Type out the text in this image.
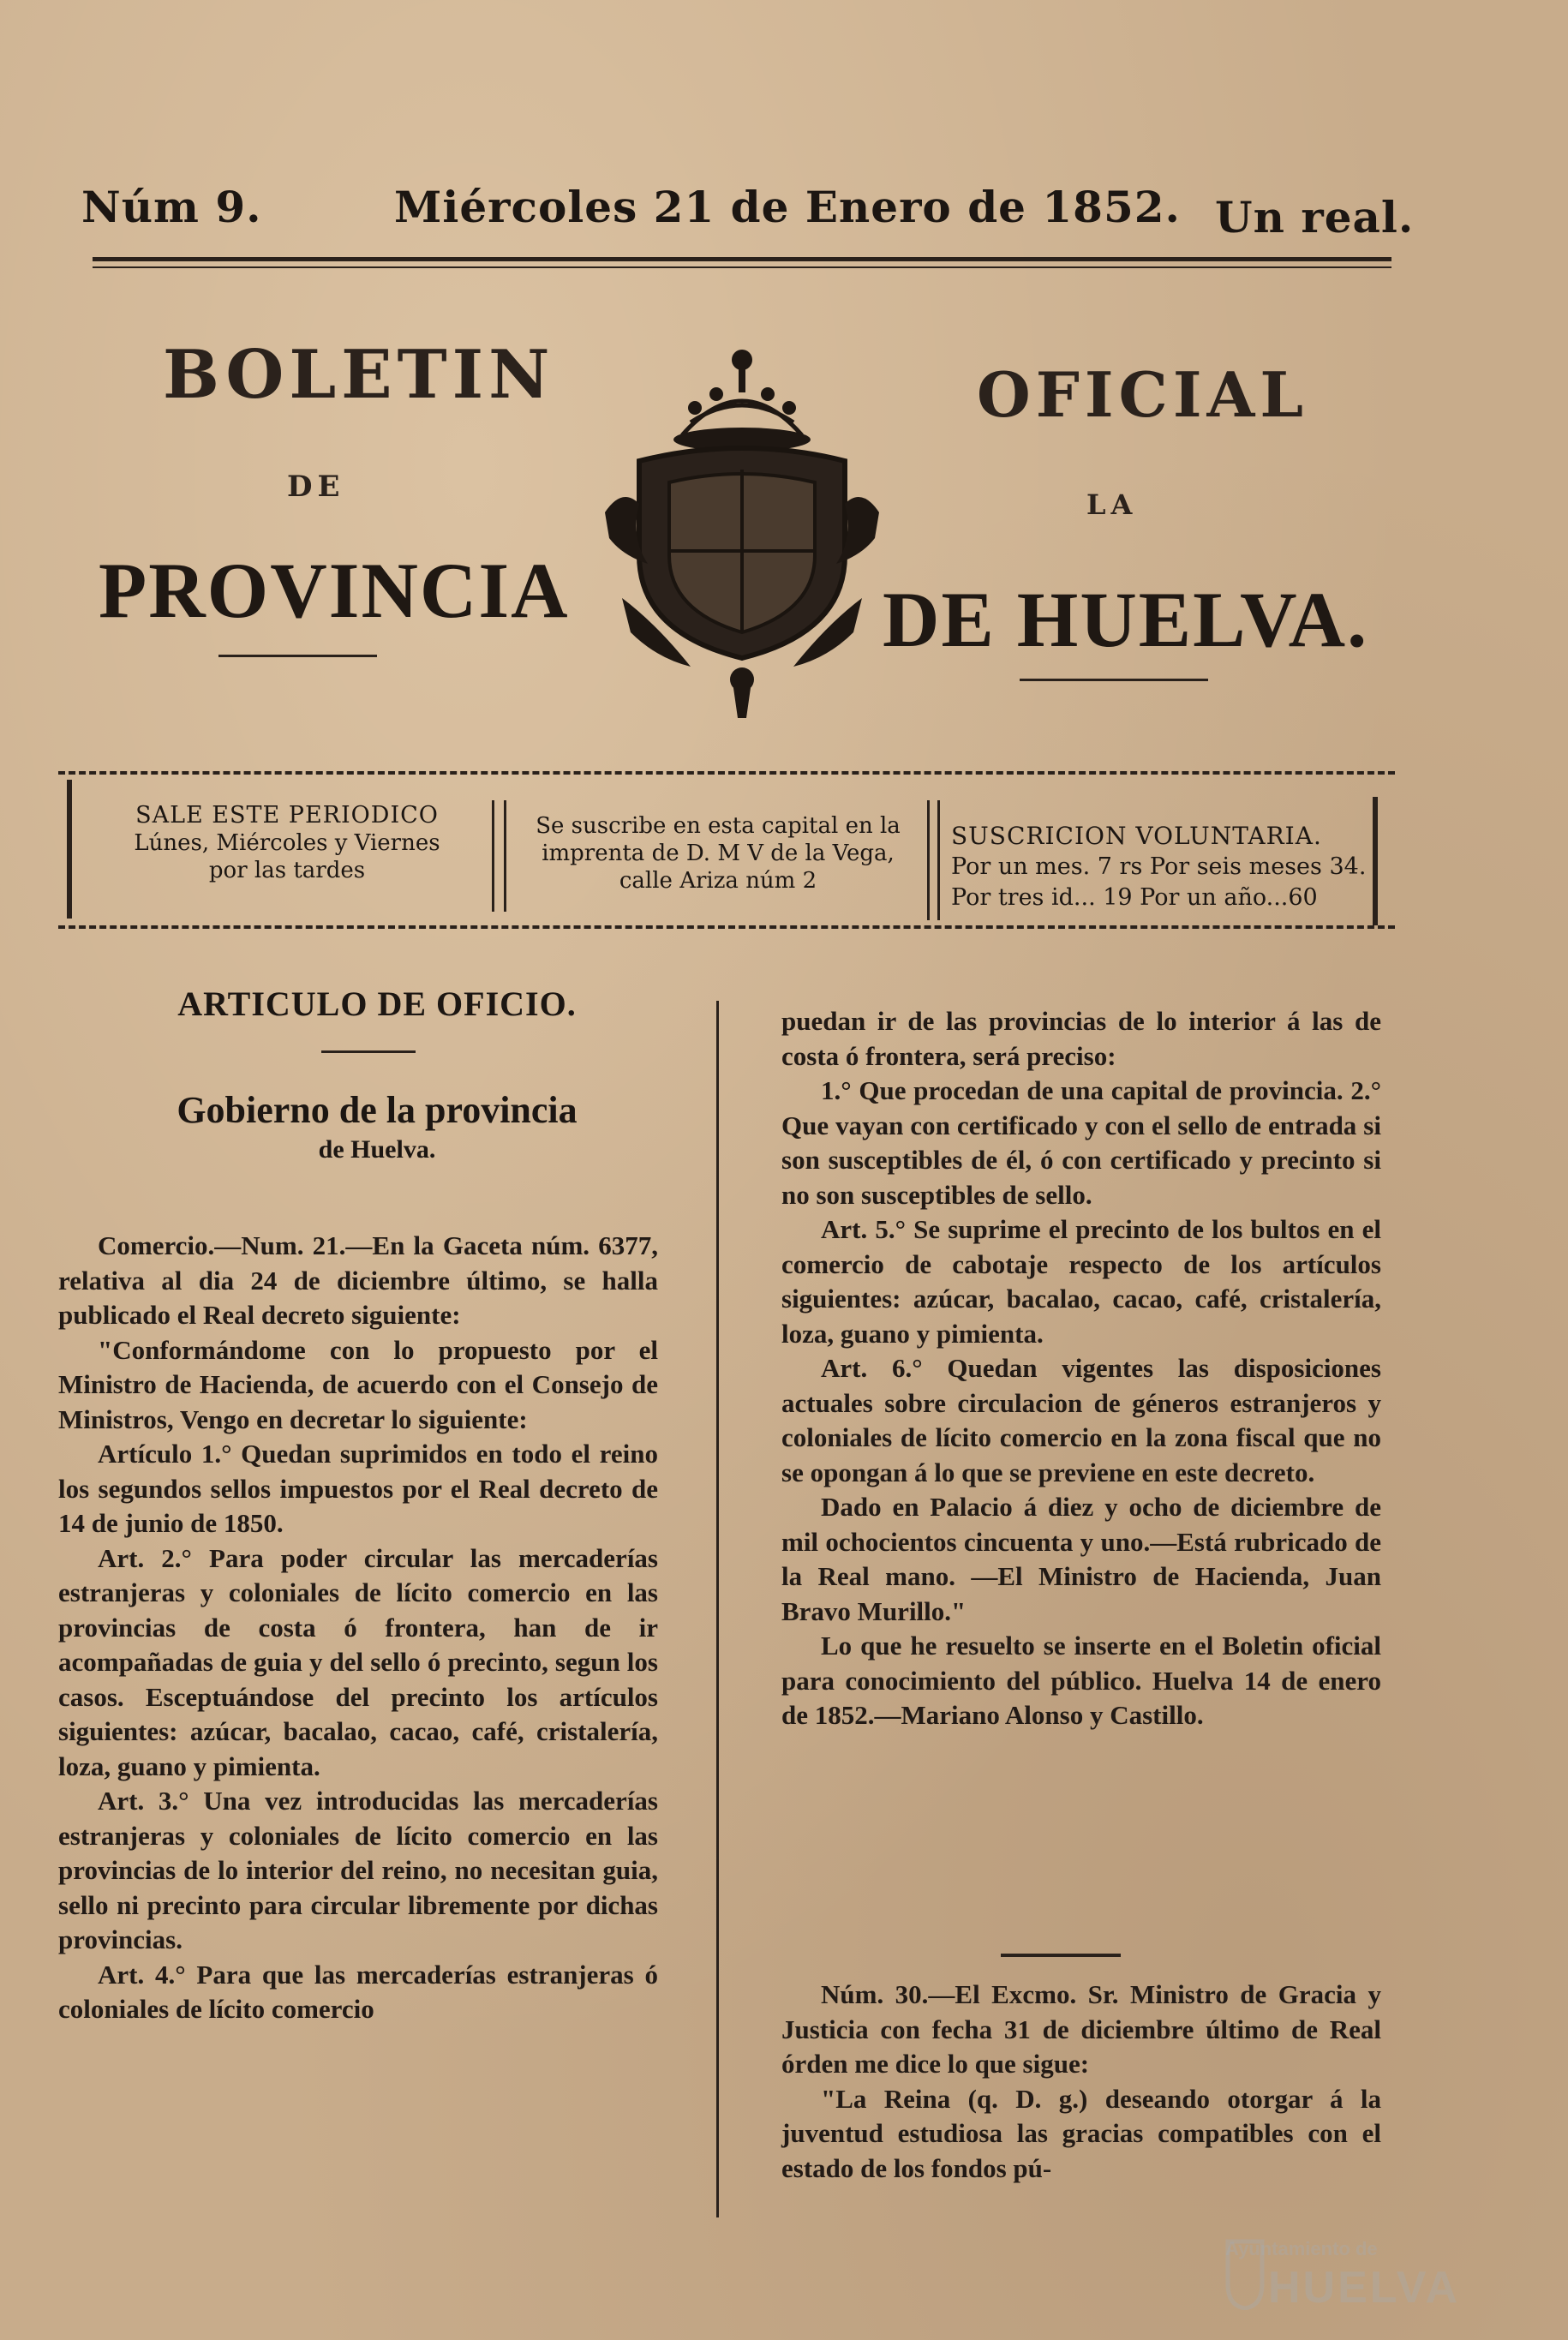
Núm 9.	Miércoles 21 de Enero de 1852. Un real.
BOLETIN	OFICIAL
DE
LA
PROVINCIA	DE HUELVA.
SALE ESTE PERIODICO
Lúnes, Miércoles y Viernes
por las tardes
Se suscribe en esta capital en la
imprenta de D. M V de la Vega,
calle Ariza núm 2
SUSCRICION VOLUNTARIA.
Por un mes. 7 rs Por seis meses 34.
Por tres id... 19 Por un año...60
ARTICULO DE OFICIO.
Gobierno de la provincia
de Huelva.

Comercio.—Num. 21.—En la Gaceta núm. 6377, relativa al dia 24 de diciembre último, se halla publicado el Real decreto siguiente:

"Conformándome con lo propuesto por el Ministro de Hacienda, de acuerdo con el Consejo de Ministros, Vengo en decretar lo siguiente:

Artículo 1.° Quedan suprimidos en todo el reino los segundos sellos impuestos por el Real decreto de 14 de junio de 1850.

Art. 2.° Para poder circular las mercaderías estranjeras y coloniales de lícito comercio en las provincias de costa ó frontera, han de ir acompañadas de guia y del sello ó precinto, segun los casos. Esceptuándose del precinto los artículos siguientes: azúcar, bacalao, cacao, café, cristalería, loza, guano y pimienta.

Art. 3.° Una vez introducidas las mercaderías estranjeras y coloniales de lícito comercio en las provincias de lo interior del reino, no necesitan guia, sello ni precinto para circular libremente por dichas provincias.

Art. 4.° Para que las mercaderías estranjeras ó coloniales de lícito comercio

puedan ir de las provincias de lo interior á las de costa ó frontera, será preciso:

1.° Que procedan de una capital de provincia. 2.° Que vayan con certificado y con el sello de entrada si son susceptibles de él, ó con certificado y precinto si no son susceptibles de sello.

Art. 5.° Se suprime el precinto de los bultos en el comercio de cabotaje respecto de los artículos siguientes: azúcar, bacalao, cacao, café, cristalería, loza, guano y pimienta.

Art. 6.° Quedan vigentes las disposiciones actuales sobre circulacion de géneros estranjeros y coloniales de lícito comercio en la zona fiscal que no se opongan á lo que se previene en este decreto.

Dado en Palacio á diez y ocho de diciembre de mil ochocientos cincuenta y uno.—Está rubricado de la Real mano. —El Ministro de Hacienda, Juan Bravo Murillo."

Lo que he resuelto se inserte en el Boletin oficial para conocimiento del público. Huelva 14 de enero de 1852.—Mariano Alonso y Castillo.

Núm. 30.—El Excmo. Sr. Ministro de Gracia y Justicia con fecha 31 de diciembre último de Real órden me dice lo que sigue:

"La Reina (q. D. g.) deseando otorgar á la juventud estudiosa las gracias compatibles con el estado de los fondos pú-

Ayuntamiento de
HUELVA
